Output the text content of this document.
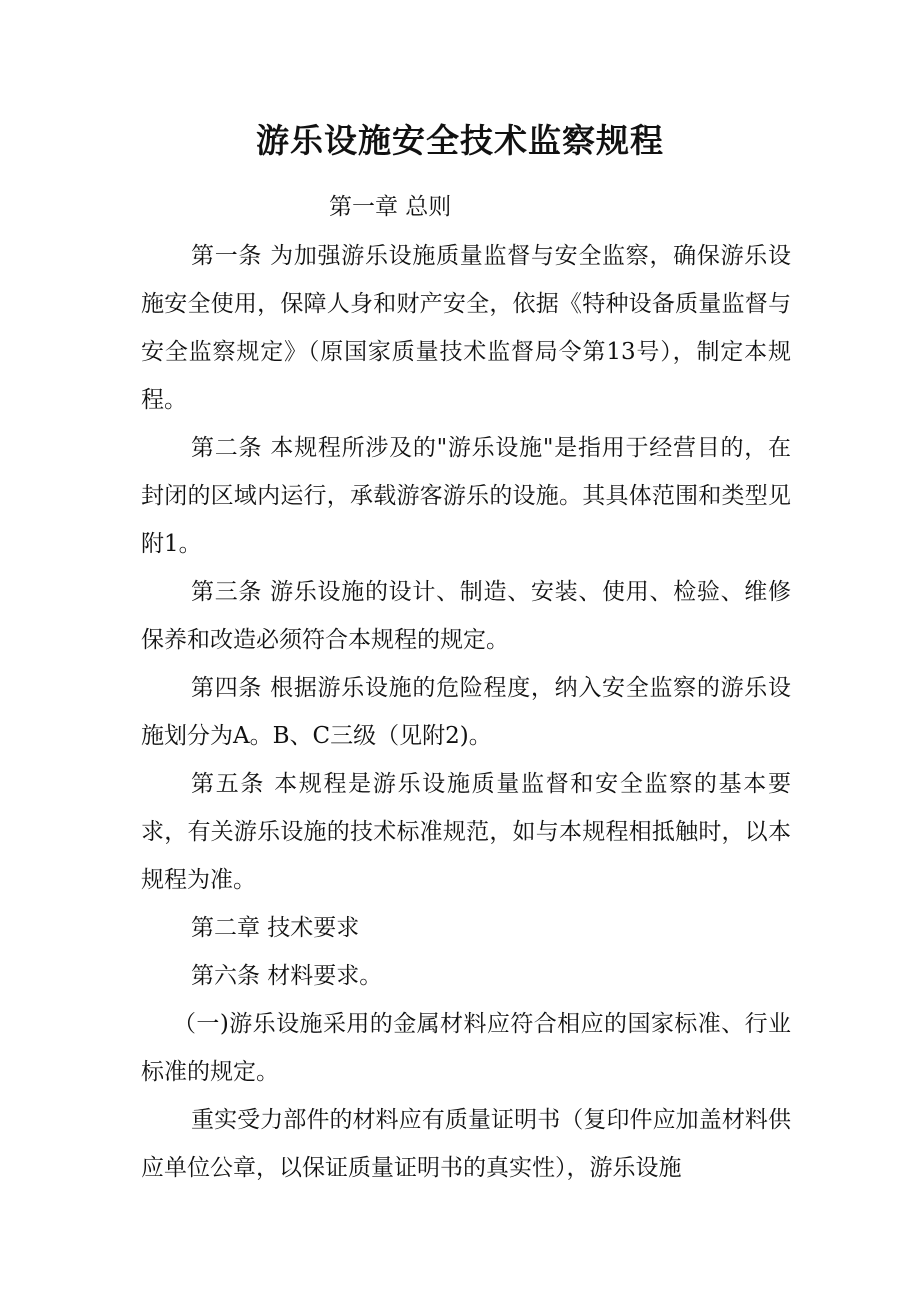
游乐设施安全技术监察规程
第一章 总则

第一条 为加强游乐设施质量监督与安全监察，确保游乐设施安全使用，保障人身和财产安全，依据《特种设备质量监督与安全监察规定》（原国家质量技术监督局令第13号），制定本规程。

第二条 本规程所涉及的"游乐设施"是指用于经营目的，在封闭的区域内运行，承载游客游乐的设施。其具体范围和类型见附1。

第三条 游乐设施的设计、制造、安装、使用、检验、维修保养和改造必须符合本规程的规定。

第四条 根据游乐设施的危险程度，纳入安全监察的游乐设施划分为A。B、C三级（见附2)。

第五条 本规程是游乐设施质量监督和安全监察的基本要求，有关游乐设施的技术标准规范，如与本规程相抵触时，以本规程为准。

第二章 技术要求

第六条 材料要求。

（一)游乐设施采用的金属材料应符合相应的国家标准、行业标准的规定。

重实受力部件的材料应有质量证明书（复印件应加盖材料供应单位公章，以保证质量证明书的真实性），游乐设施
